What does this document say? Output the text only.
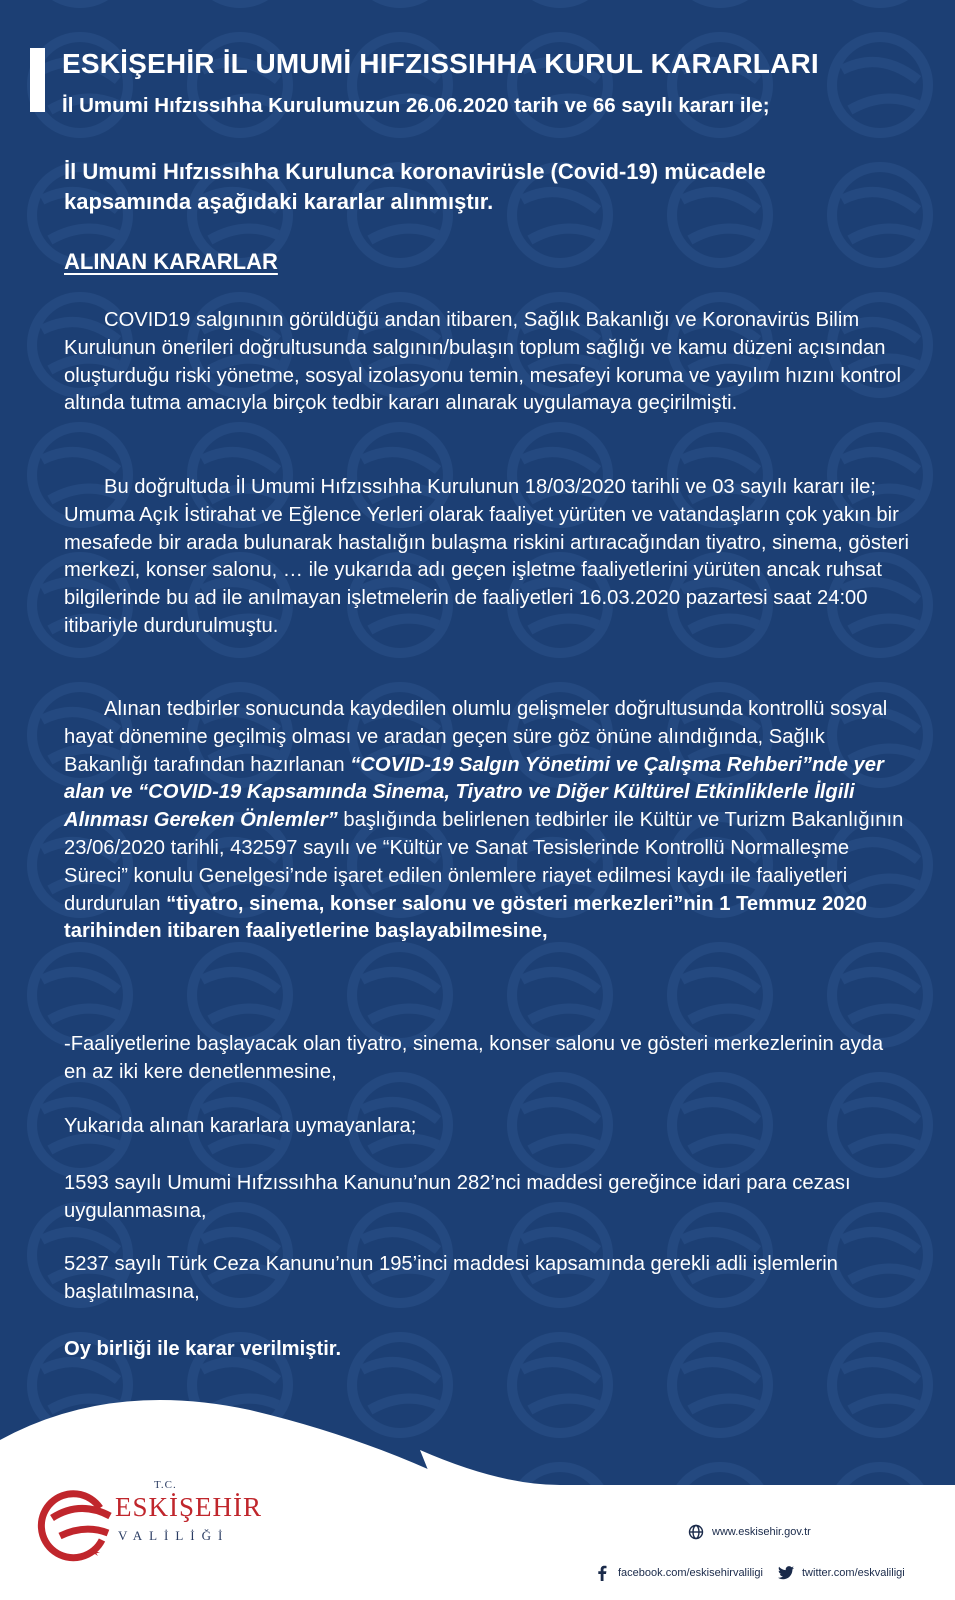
ESKİŞEHİR İL UMUMİ HIFZISSIHHA KURUL KARARLARI
İl Umumi Hıfzıssıhha Kurulumuzun 26.06.2020 tarih ve 66 sayılı kararı ile;
İl Umumi Hıfzıssıhha Kurulunca koronavirüsle (Covid-19) mücadele kapsamında aşağıdaki kararlar alınmıştır.
ALINAN KARARLAR

COVID19 salgınının görüldüğü andan itibaren, Sağlık Bakanlığı ve Koronavirüs Bilim Kurulunun önerileri doğrultusunda salgının/bulaşın toplum sağlığı ve kamu düzeni açısından oluşturduğu riski yönetme, sosyal izolasyonu temin, mesafeyi koruma ve yayılım hızını kontrol altında tutma amacıyla birçok tedbir kararı alınarak uygulamaya geçirilmişti.

Bu doğrultuda İl Umumi Hıfzıssıhha Kurulunun 18/03/2020 tarihli ve 03 sayılı kararı ile; Umuma Açık İstirahat ve Eğlence Yerleri olarak faaliyet yürüten ve vatandaşların çok yakın bir mesafede bir arada bulunarak hastalığın bulaşma riskini artıracağından tiyatro, sinema, gösteri merkezi, konser salonu, … ile yukarıda adı geçen işletme faaliyetlerini yürüten ancak ruhsat bilgilerinde bu ad ile anılmayan işletmelerin de faaliyetleri 16.03.2020 pazartesi saat 24:00 itibariyle durdurulmuştu.

Alınan tedbirler sonucunda kaydedilen olumlu gelişmeler doğrultusunda kontrollü sosyal hayat dönemine geçilmiş olması ve aradan geçen süre göz önüne alındığında, Sağlık Bakanlığı tarafından hazırlanan “COVID-19 Salgın Yönetimi ve Çalışma Rehberi”nde yer alan ve “COVID-19 Kapsamında Sinema, Tiyatro ve Diğer Kültürel Etkinliklerle İlgili Alınması Gereken Önlemler” başlığında belirlenen tedbirler ile Kültür ve Turizm Bakanlığının 23/06/2020 tarihli, 432597 sayılı ve “Kültür ve Sanat Tesislerinde Kontrollü Normalleşme Süreci” konulu Genelgesi’nde işaret edilen önlemlere riayet edilmesi kaydı ile faaliyetleri durdurulan “tiyatro, sinema, konser salonu ve gösteri merkezleri”nin 1 Temmuz 2020 tarihinden itibaren faaliyetlerine başlayabilmesine,

-Faaliyetlerine başlayacak olan tiyatro, sinema, konser salonu ve gösteri merkezlerinin ayda en az iki kere denetlenmesine,

Yukarıda alınan kararlara uymayanlara;

1593 sayılı Umumi Hıfzıssıhha Kanunu’nun 282’nci maddesi gereğince idari para cezası uygulanmasına,

5237 sayılı Türk Ceza Kanunu’nun 195’inci maddesi kapsamında gerekli adli işlemlerin başlatılmasına,

Oy birliği ile karar verilmiştir.

T.C.
ESKİŞEHİR
VALİLİĞİ	www.eskisehir.gov.tr
facebook.com/eskisehirvaliligi	twitter.com/eskvaliligi
